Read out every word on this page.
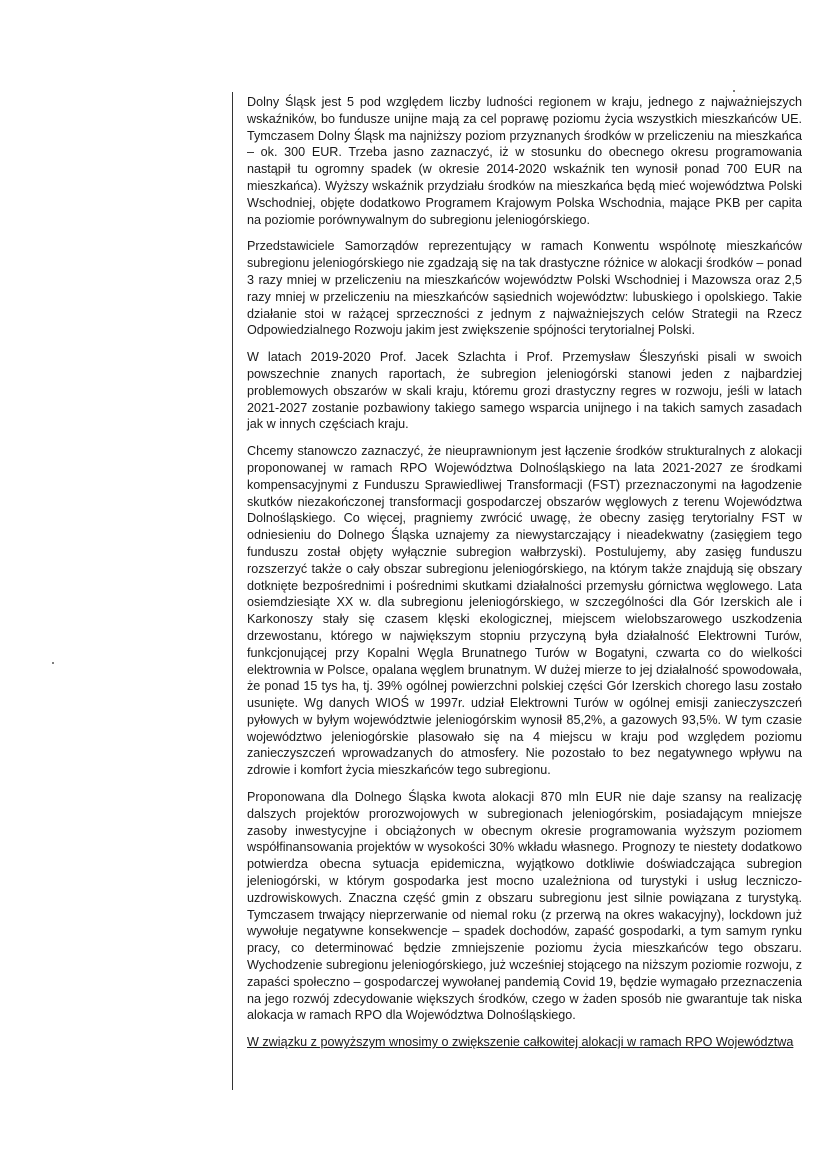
Dolny Śląsk jest 5 pod względem liczby ludności regionem w kraju, jednego z najważniejszych wskaźników, bo fundusze unijne mają za cel poprawę poziomu życia wszystkich mieszkańców UE. Tymczasem Dolny Śląsk ma najniższy poziom przyznanych środków w przeliczeniu na mieszkańca – ok. 300 EUR. Trzeba jasno zaznaczyć, iż w stosunku do obecnego okresu programowania nastąpił tu ogromny spadek (w okresie 2014-2020 wskaźnik ten wynosił ponad 700 EUR na mieszkańca). Wyższy wskaźnik przydziału środków na mieszkańca będą mieć województwa Polski Wschodniej, objęte dodatkowo Programem Krajowym Polska Wschodnia, mające PKB per capita na poziomie porównywalnym do subregionu jeleniogórskiego.

Przedstawiciele Samorządów reprezentujący w ramach Konwentu wspólnotę mieszkańców subregionu jeleniogórskiego nie zgadzają się na tak drastyczne różnice w alokacji środków – ponad 3 razy mniej w przeliczeniu na mieszkańców województw Polski Wschodniej i Mazowsza oraz 2,5 razy mniej w przeliczeniu na mieszkańców sąsiednich województw: lubuskiego i opolskiego. Takie działanie stoi w rażącej sprzeczności z jednym z najważniejszych celów Strategii na Rzecz Odpowiedzialnego Rozwoju jakim jest zwiększenie spójności terytorialnej Polski.

W latach 2019-2020 Prof. Jacek Szlachta i Prof. Przemysław Śleszyński pisali w swoich powszechnie znanych raportach, że subregion jeleniogórski stanowi jeden z najbardziej problemowych obszarów w skali kraju, któremu grozi drastyczny regres w rozwoju, jeśli w latach 2021-2027 zostanie pozbawiony takiego samego wsparcia unijnego i na takich samych zasadach jak w innych częściach kraju.

Chcemy stanowczo zaznaczyć, że nieuprawnionym jest łączenie środków strukturalnych z alokacji proponowanej w ramach RPO Województwa Dolnośląskiego na lata 2021-2027 ze środkami kompensacyjnymi z Funduszu Sprawiedliwej Transformacji (FST) przeznaczonymi na łagodzenie skutków niezakończonej transformacji gospodarczej obszarów węglowych z terenu Województwa Dolnośląskiego. Co więcej, pragniemy zwrócić uwagę, że obecny zasięg terytorialny FST w odniesieniu do Dolnego Śląska uznajemy za niewystarczający i nieadekwatny (zasięgiem tego funduszu został objęty wyłącznie subregion wałbrzyski). Postulujemy, aby zasięg funduszu rozszerzyć także o cały obszar subregionu jeleniogórskiego, na którym także znajdują się obszary dotknięte bezpośrednimi i pośrednimi skutkami działalności przemysłu górnictwa węglowego. Lata osiemdziesiąte XX w. dla subregionu jeleniogórskiego, w szczególności dla Gór Izerskich ale i Karkonoszy stały się czasem klęski ekologicznej, miejscem wielobszarowego uszkodzenia drzewostanu, którego w największym stopniu przyczyną była działalność Elektrowni Turów, funkcjonującej przy Kopalni Węgla Brunatnego Turów w Bogatyni, czwarta co do wielkości elektrownia w Polsce, opalana węglem brunatnym. W dużej mierze to jej działalność spowodowała, że ponad 15 tys ha, tj. 39% ogólnej powierzchni polskiej części Gór Izerskich chorego lasu zostało usunięte. Wg danych WIOŚ w 1997r. udział Elektrowni Turów w ogólnej emisji zanieczyszczeń pyłowych w byłym województwie jeleniogórskim wynosił 85,2%, a gazowych 93,5%. W tym czasie województwo jeleniogórskie plasowało się na 4 miejscu w kraju pod względem poziomu zanieczyszczeń wprowadzanych do atmosfery. Nie pozostało to bez negatywnego wpływu na zdrowie i komfort życia mieszkańców tego subregionu.

Proponowana dla Dolnego Śląska kwota alokacji 870 mln EUR nie daje szansy na realizację dalszych projektów prorozwojowych w subregionach jeleniogórskim, posiadającym mniejsze zasoby inwestycyjne i obciążonych w obecnym okresie programowania wyższym poziomem współfinansowania projektów w wysokości 30% wkładu własnego. Prognozy te niestety dodatkowo potwierdza obecna sytuacja epidemiczna, wyjątkowo dotkliwie doświadczająca subregion jeleniogórski, w którym gospodarka jest mocno uzależniona od turystyki i usług leczniczo-uzdrowiskowych. Znaczna część gmin z obszaru subregionu jest silnie powiązana z turystyką. Tymczasem trwający nieprzerwanie od niemal roku (z przerwą na okres wakacyjny), lockdown już wywołuje negatywne konsekwencje – spadek dochodów, zapaść gospodarki, a tym samym rynku pracy, co determinować będzie zmniejszenie poziomu życia mieszkańców tego obszaru. Wychodzenie subregionu jeleniogórskiego, już wcześniej stojącego na niższym poziomie rozwoju, z zapaści społeczno – gospodarczej wywołanej pandemią Covid 19, będzie wymagało przeznaczenia na jego rozwój zdecydowanie większych środków, czego w żaden sposób nie gwarantuje tak niska alokacja w ramach RPO dla Województwa Dolnośląskiego.

W związku z powyższym wnosimy o zwiększenie całkowitej alokacji w ramach RPO Województwa
